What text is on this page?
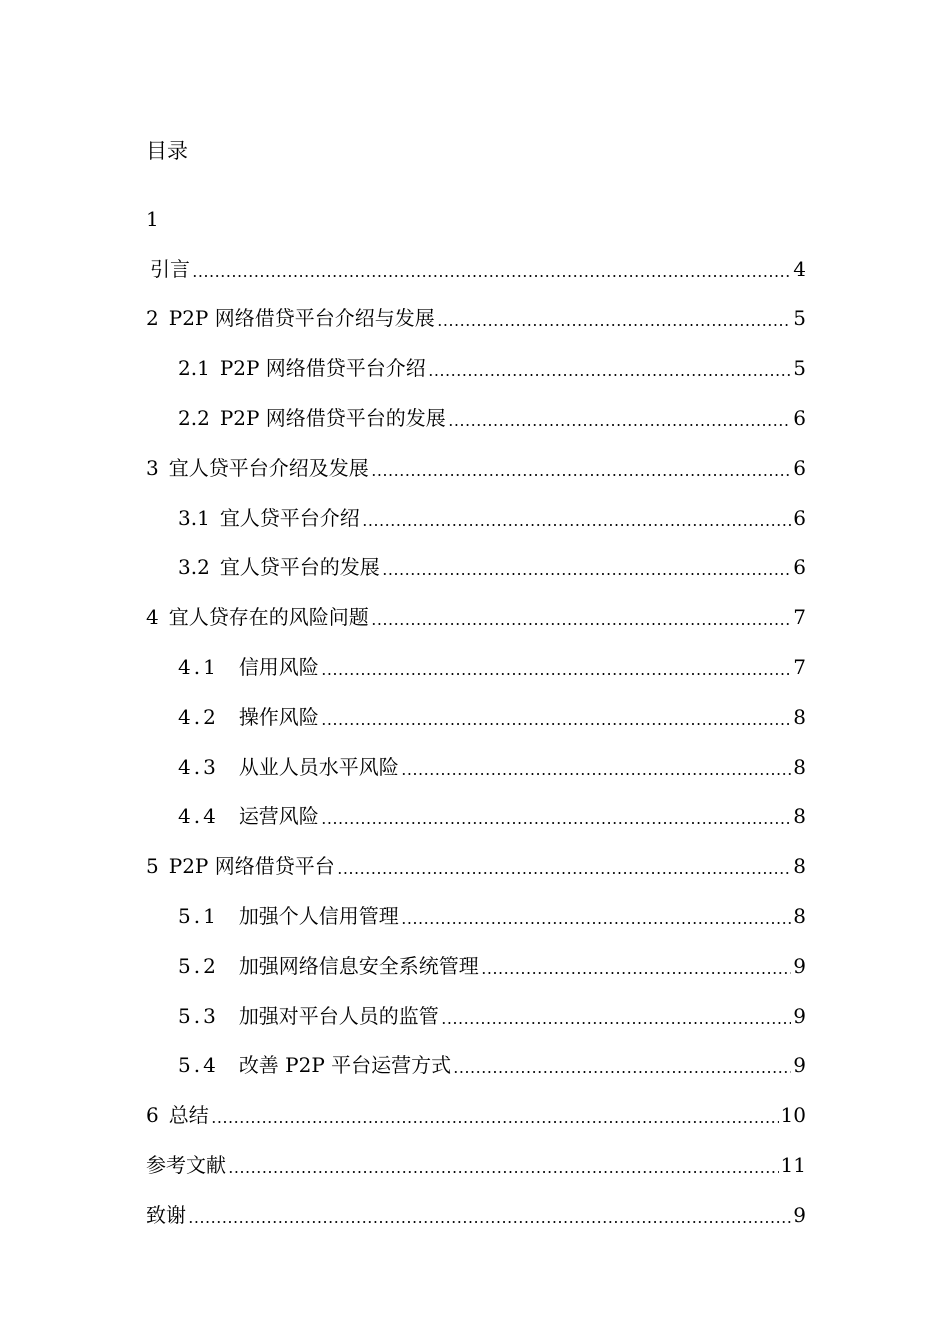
目录
1
引言	4
2 P2P 网络借贷平台介绍与发展	5
2.1 P2P 网络借贷平台介绍	5
2.2 P2P 网络借贷平台的发展	6
3 宜人贷平台介绍及发展	6
3.1 宜人贷平台介绍	6
3.2 宜人贷平台的发展	6
4 宜人贷存在的风险问题	7
4.1 信用风险	7
4.2 操作风险	8
4.3 从业人员水平风险	8
4.4 运营风险	8
5 P2P 网络借贷平台	8
5.1 加强个人信用管理	8
5.2 加强网络信息安全系统管理	9
5.3 加强对平台人员的监管	9
5.4 改善 P2P 平台运营方式	9
6 总结	10
参考文献	11
致谢	9
